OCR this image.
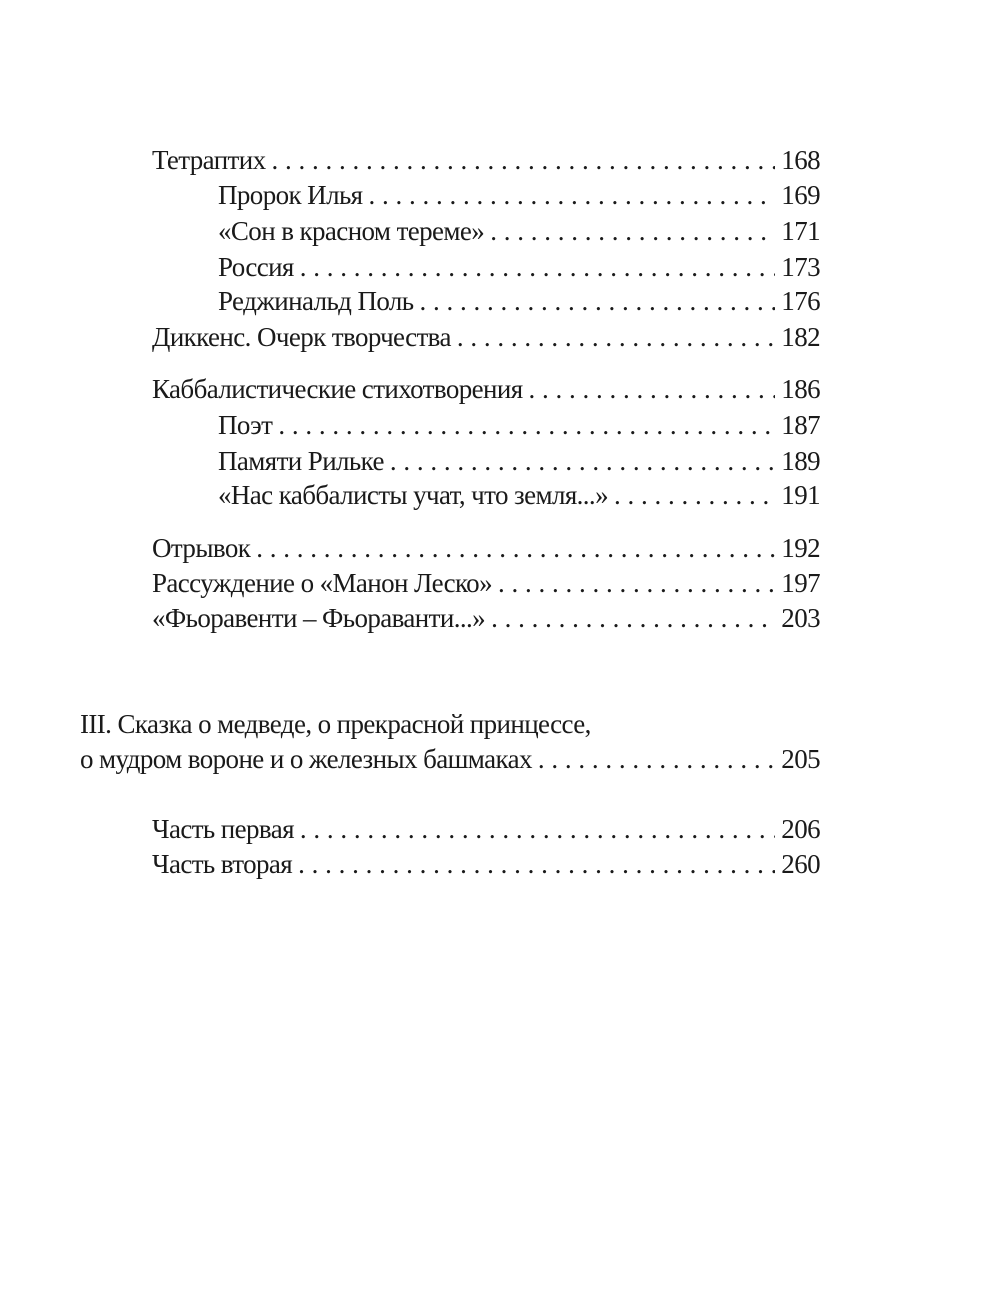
Тетраптих . . .	168
Пророк Илья . . .	169
«Сон в красном тереме» . . .	171
Россия . . .	173
Реджинальд Поль . . .	176
Диккенс. Очерк творчества . . .	182
Каббалистические стихотворения . . .	186
Поэт . . .	187
Памяти Рильке . . .	189
«Нас каббалисты учат, что земля...» . . .	191
Отрывок . . .	192
Рассуждение о «Манон Леско» . . .	197
«Фьоравенти – Фьораванти...» . . .	203
III. Сказка о медведе, о прекрасной принцессе,
о мудром вороне и о железных башмаках . . .	205
Часть первая . . .	206
Часть вторая . . .	260
